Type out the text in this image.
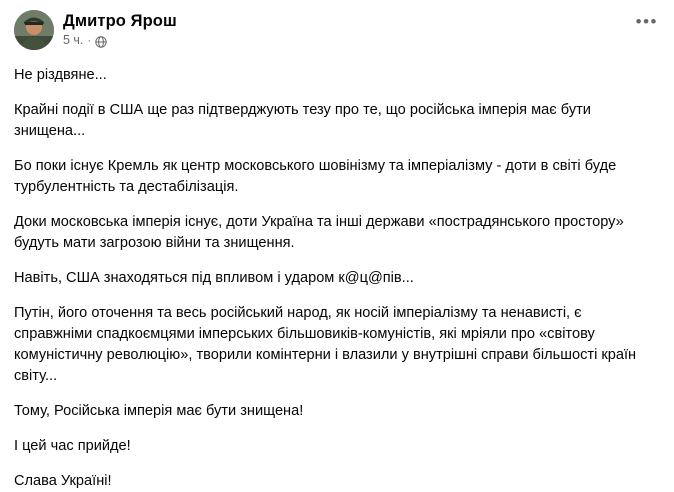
Дмитро Ярош
5 ч. ·
•••

Не різдвяне...

Крайні події в США ще раз підтверджують тезу про те, що російська імперія має бути знищена...

Бо поки існує Кремль як центр московського шовінізму та імперіалізму - доти в світі буде турбулентність та дестабілізація.

Доки московська імперія існує, доти Україна та інші держави «пострадянського простору» будуть мати загрозою війни та знищення.

Навіть, США знаходяться під впливом і ударом к@ц@пів...

Путін, його оточення та весь російський народ, як носій імперіалізму та ненависті, є справжніми спадкоємцями імперських більшовиків-комуністів, які мріяли про «світову комуністичну революцію», творили комінтерни і влазили у внутрішні справи більшості країн світу...

Тому, Російська імперія має бути знищена!

І цей час прийде!

Слава Україні!
